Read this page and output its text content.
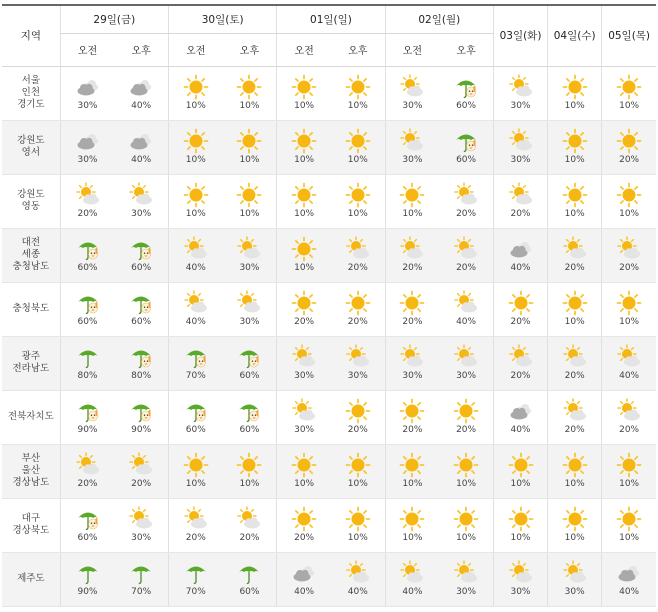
지역	29일(금)		30일(토)		01일(일)		02일(월)		03일(화)	04일(수)	05일(목)
	오전	오후	오전	오후	오전	오후	오전	오후			
서울
인천
경기도	30%	40%	10%	10%	10%	10%	30%	60%	30%	10%	10%

강원도
영서	30%	40%	10%	10%	10%	10%	30%	60%	30%	10%	20%

강원도
영동	20%	30%	10%	10%	10%	10%	10%	20%	20%	10%	10%

대전
세종
충청남도	60%	60%	40%	30%	10%	20%	20%	20%	40%	20%	20%

충청북도	60%	60%	40%	30%	20%	20%	20%	40%	20%	10%	10%

광주
전라남도	80%	80%	70%	60%	30%	30%	30%	30%	20%	20%	40%

전북자치도	90%	90%	60%	60%	30%	20%	20%	20%	40%	20%	20%

부산
울산
경상남도	20%	20%	10%	10%	10%	10%	10%	10%	10%	10%	10%

대구
경상북도	60%	30%	20%	20%	20%	10%	10%	10%	10%	10%	10%

제주도	90%	70%	70%	60%	40%	40%	40%	30%	30%	30%	40%
